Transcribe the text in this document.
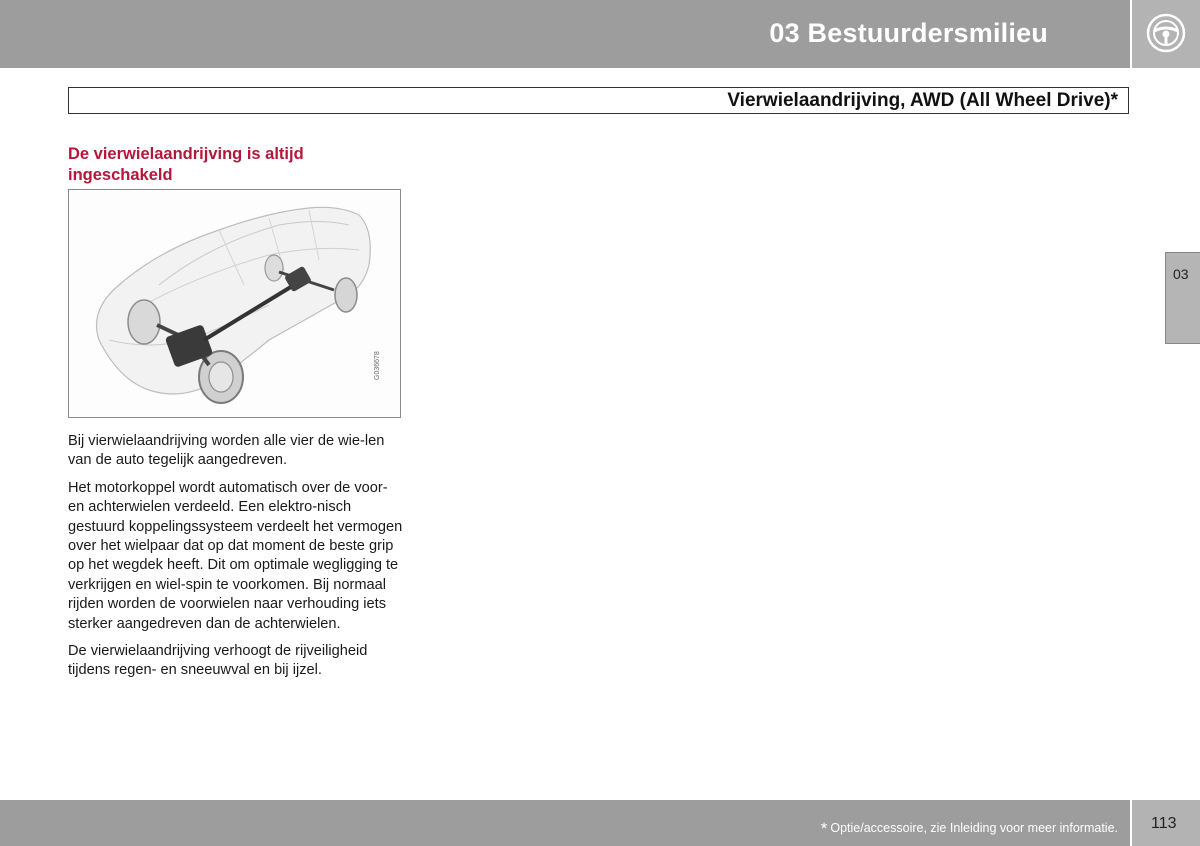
03 Bestuurdersmilieu
Vierwielaandrijving, AWD (All Wheel Drive)*
03
De vierwielaandrijving is altijd ingeschakeld
G036678

Bij vierwielaandrijving worden alle vier de wie-len van de auto tegelijk aangedreven.

Het motorkoppel wordt automatisch over de voor- en achterwielen verdeeld. Een elektro-nisch gestuurd koppelingssysteem verdeelt het vermogen over het wielpaar dat op dat moment de beste grip op het wegdek heeft. Dit om optimale wegligging te verkrijgen en wiel-spin te voorkomen. Bij normaal rijden worden de voorwielen naar verhouding iets sterker aangedreven dan de achterwielen.

De vierwielaandrijving verhoogt de rijveiligheid tijdens regen- en sneeuwval en bij ijzel.

* Optie/accessoire, zie Inleiding voor meer informatie. 113
